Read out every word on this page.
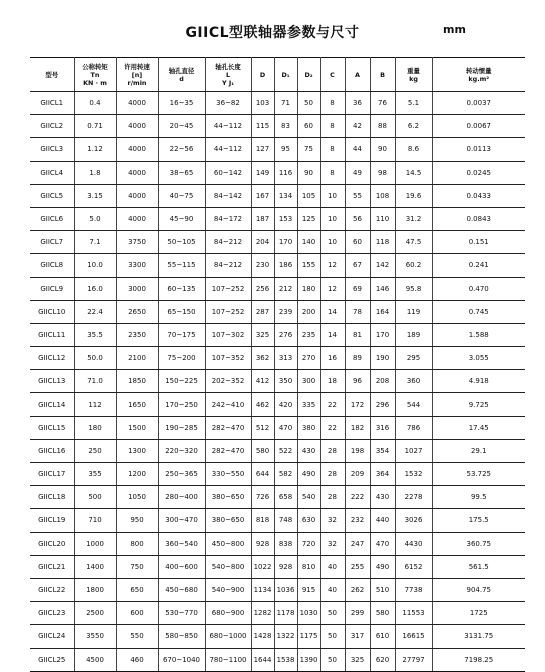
GIICL型联轴器参数与尺寸	mm
型号	公称转矩
Tn
KN · m	许用转速
[n]
r/min	轴孔直径
d	轴孔长度
L
Y J₁	D	D₁	D₂	C	A	B	重量
kg	转动惯量
kg.m²

GIICL1	0.4	4000	16~35	36~82	103	71	50	8	36	76	5.1	0.0037
GIICL2	0.71	4000	20~45	44~112	115	83	60	8	42	88	6.2	0.0067
GIICL3	1.12	4000	22~56	44~112	127	95	75	8	44	90	8.6	0.0113
GIICL4	1.8	4000	38~65	60~142	149	116	90	8	49	98	14.5	0.0245
GIICL5	3.15	4000	40~75	84~142	167	134	105	10	55	108	19.6	0.0433
GIICL6	5.0	4000	45~90	84~172	187	153	125	10	56	110	31.2	0.0843
GIICL7	7.1	3750	50~105	84~212	204	170	140	10	60	118	47.5	0.151
GIICL8	10.0	3300	55~115	84~212	230	186	155	12	67	142	60.2	0.241
GIICL9	16.0	3000	60~135	107~252	256	212	180	12	69	146	95.8	0.470
GIICL10	22.4	2650	65~150	107~252	287	239	200	14	78	164	119	0.745
GIICL11	35.5	2350	70~175	107~302	325	276	235	14	81	170	189	1.588
GIICL12	50.0	2100	75~200	107~352	362	313	270	16	89	190	295	3.055
GIICL13	71.0	1850	150~225	202~352	412	350	300	18	96	208	360	4.918
GIICL14	112	1650	170~250	242~410	462	420	335	22	172	296	544	9.725
GIICL15	180	1500	190~285	282~470	512	470	380	22	182	316	786	17.45
GIICL16	250	1300	220~320	282~470	580	522	430	28	198	354	1027	29.1
GIICL17	355	1200	250~365	330~550	644	582	490	28	209	364	1532	53.725
GIICL18	500	1050	280~400	380~650	726	658	540	28	222	430	2278	99.5
GIICL19	710	950	300~470	380~650	818	748	630	32	232	440	3026	175.5
GIICL20	1000	800	360~540	450~800	928	838	720	32	247	470	4430	360.75
GIICL21	1400	750	400~600	540~800	1022	928	810	40	255	490	6152	561.5
GIICL22	1800	650	450~680	540~900	1134	1036	915	40	262	510	7738	904.75
GIICL23	2500	600	530~770	680~900	1282	1178	1030	50	299	580	11553	1725
GIICL24	3550	550	580~850	680~1000	1428	1322	1175	50	317	610	16615	3131.75
GIICL25	4500	460	670~1040	780~1100	1644	1538	1390	50	325	620	27797	7198.25
